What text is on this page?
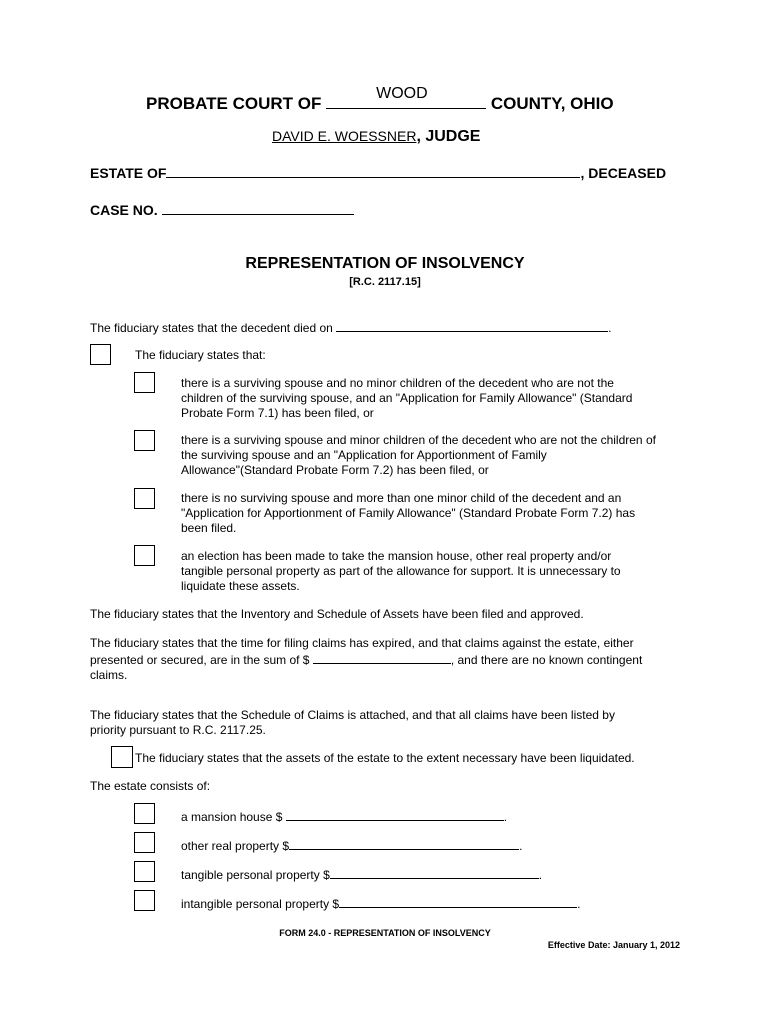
PROBATE COURT OF
WOOD
COUNTY, OHIO
DAVID E. WOESSNER, JUDGE
ESTATE OF	, DECEASED
CASE NO.
REPRESENTATION OF INSOLVENCY
[R.C. 2117.15]
The fiduciary states that the decedent died on	.
The fiduciary states that:
there is a surviving spouse and no minor children of the decedent who are not the
children of the surviving spouse, and an "Application for Family Allowance" (Standard
Probate Form 7.1) has been filed, or
there is a surviving spouse and minor children of the decedent who are not the children of
the surviving spouse and an "Application for Apportionment of Family
Allowance"(Standard Probate Form 7.2) has been filed, or
there is no surviving spouse and more than one minor child of the decedent and an
"Application for Apportionment of Family Allowance" (Standard Probate Form 7.2) has
been filed.
an election has been made to take the mansion house, other real property and/or
tangible personal property as part of the allowance for support. It is unnecessary to
liquidate these assets.
The fiduciary states that the Inventory and Schedule of Assets have been filed and approved.
The fiduciary states that the time for filing claims has expired, and that claims against the estate, either
presented or secured, are in the sum of $	, and there are no known contingent
claims.
The fiduciary states that the Schedule of Claims is attached, and that all claims have been listed by
priority pursuant to R.C. 2117.25.
The fiduciary states that the assets of the estate to the extent necessary have been liquidated.
The estate consists of:
a mansion house $	.
other real property $	.
tangible personal property $	.
intangible personal property $	.
FORM 24.0 - REPRESENTATION OF INSOLVENCY
Effective Date: January 1, 2012
